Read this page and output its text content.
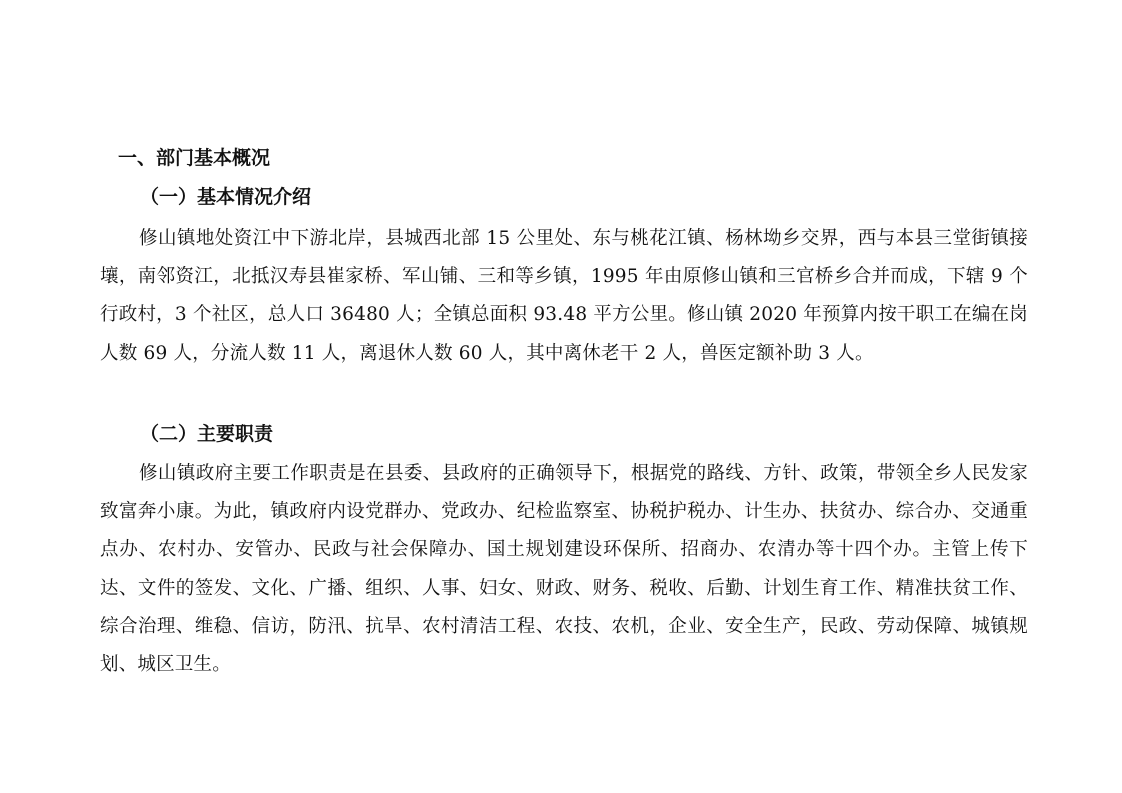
一、部门基本概况
（一）基本情况介绍
修山镇地处资江中下游北岸，县城西北部 15 公里处、东与桃花江镇、杨林坳乡交界，西与本县三堂街镇接壤，南邻资江，北抵汉寿县崔家桥、军山铺、三和等乡镇，1995 年由原修山镇和三官桥乡合并而成，下辖 9 个行政村，3 个社区，总人口 36480 人；全镇总面积 93.48 平方公里。修山镇 2020 年预算内按干职工在编在岗人数 69 人，分流人数 11 人，离退休人数 60 人，其中离休老干 2 人，兽医定额补助 3 人。
（二）主要职责
修山镇政府主要工作职责是在县委、县政府的正确领导下，根据党的路线、方针、政策，带领全乡人民发家致富奔小康。为此，镇政府内设党群办、党政办、纪检监察室、协税护税办、计生办、扶贫办、综合办、交通重点办、农村办、安管办、民政与社会保障办、国土规划建设环保所、招商办、农清办等十四个办。主管上传下达、文件的签发、文化、广播、组织、人事、妇女、财政、财务、税收、后勤、计划生育工作、精准扶贫工作、综合治理、维稳、信访，防汛、抗旱、农村清洁工程、农技、农机，企业、安全生产，民政、劳动保障、城镇规划、城区卫生。
